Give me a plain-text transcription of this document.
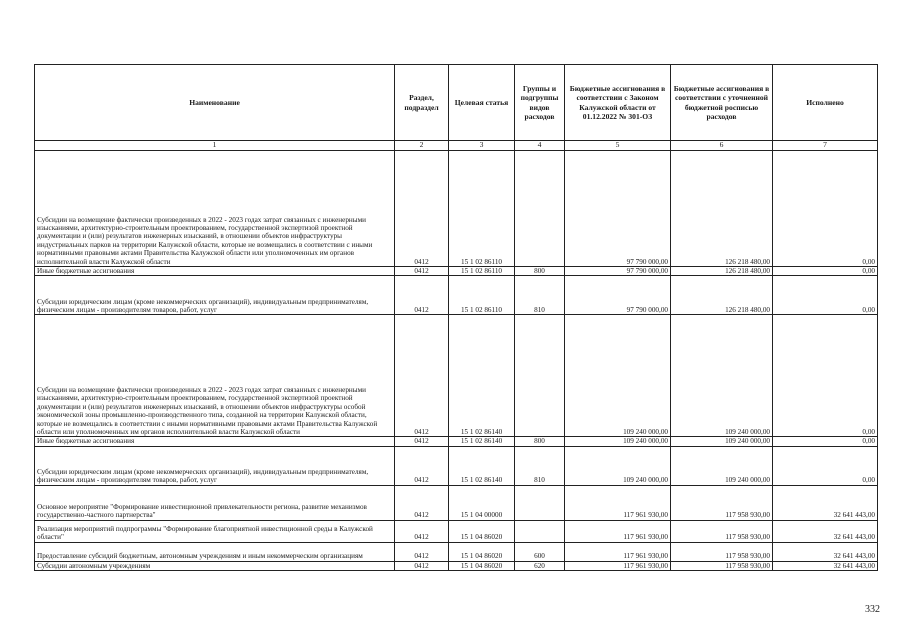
Наименование	Раздел, подраздел	Целевая статья	Группы и подгруппы видов расходов	Бюджетные ассигнования в соответствии с Законом Калужской области от 01.12.2022 № 301-ОЗ	Бюджетные ассигнования в соответствии с уточненной бюджетной росписью расходов	Исполнено
1	2	3	4	5	6	7
Субсидии на возмещение фактически произведенных в 2022 - 2023 годах затрат связанных с инженерными изысканиями, архитектурно-строительным проектированием, государственной экспертизой проектной документации и (или) результатов инженерных изысканий, в отношении объектов инфраструктуры индустриальных парков на территории Калужской области, которые не возмещались в соответствии с иными нормативными правовыми актами Правительства Калужской области или уполномоченных им органов исполнительной власти Калужской области	0412	15 1 02 86110		97 790 000,00	126 218 480,00	0,00
Иные бюджетные ассигнования	0412	15 1 02 86110	800	97 790 000,00	126 218 480,00	0,00
Субсидии юридическим лицам (кроме некоммерческих организаций), индивидуальным предпринимателям, физическим лицам - производителям товаров, работ, услуг	0412	15 1 02 86110	810	97 790 000,00	126 218 480,00	0,00
Субсидии на возмещение фактически произведенных в 2022 - 2023 годах затрат связанных с инженерными изысканиями, архитектурно-строительным проектированием, государственной экспертизой проектной документации и (или) результатов инженерных изысканий, в отношении объектов инфраструктуры особой экономической зоны промышленно-производственного типа, созданной на территории Калужской области, которые не возмещались в соответствии с иными нормативными правовыми актами Правительства Калужской области или уполномоченных им органов исполнительной власти Калужской области	0412	15 1 02 86140		109 240 000,00	109 240 000,00	0,00
Иные бюджетные ассигнования	0412	15 1 02 86140	800	109 240 000,00	109 240 000,00	0,00
Субсидии юридическим лицам (кроме некоммерческих организаций), индивидуальным предпринимателям, физическим лицам - производителям товаров, работ, услуг	0412	15 1 02 86140	810	109 240 000,00	109 240 000,00	0,00
Основное мероприятие "Формирование инвестиционной привлекательности региона, развитие механизмов государственно-частного партнерства"	0412	15 1 04 00000		117 961 930,00	117 958 930,00	32 641 443,00
Реализация мероприятий подпрограммы "Формирование благоприятной инвестиционной среды в Калужской области"	0412	15 1 04 86020		117 961 930,00	117 958 930,00	32 641 443,00
Предоставление субсидий бюджетным, автономным учреждениям и иным некоммерческим организациям	0412	15 1 04 86020	600	117 961 930,00	117 958 930,00	32 641 443,00
Субсидии автономным учреждениям	0412	15 1 04 86020	620	117 961 930,00	117 958 930,00	32 641 443,00
332
